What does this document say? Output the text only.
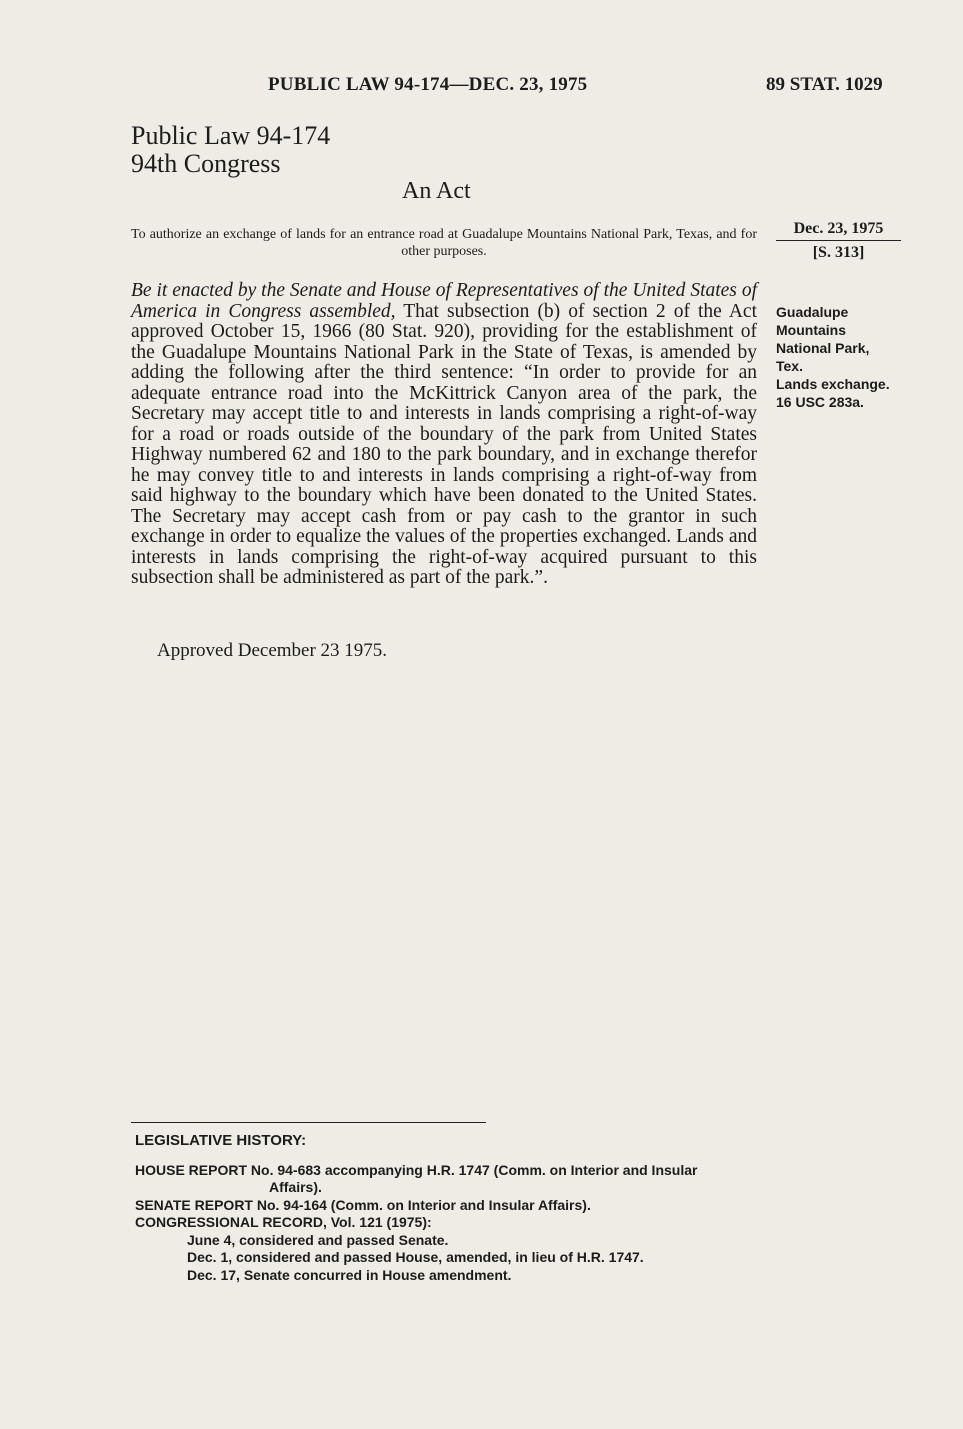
PUBLIC LAW 94-174—DEC. 23, 1975	89 STAT. 1029
Public Law 94-174
94th Congress
An Act

To authorize an exchange of lands for an entrance road at Guadalupe Mountains National Park, Texas, and for other purposes.

Dec. 23, 1975
[S. 313]

Be it enacted by the Senate and House of Representatives of the United States of America in Congress assembled, That subsection (b) of section 2 of the Act approved October 15, 1966 (80 Stat. 920), providing for the establishment of the Guadalupe Mountains National Park in the State of Texas, is amended by adding the following after the third sentence: “In order to provide for an adequate entrance road into the McKittrick Canyon area of the park, the Secretary may accept title to and interests in lands comprising a right-of-way for a road or roads outside of the boundary of the park from United States Highway numbered 62 and 180 to the park boundary, and in exchange therefor he may convey title to and interests in lands comprising a right-of-way from said highway to the boundary which have been donated to the United States. The Secretary may accept cash from or pay cash to the grantor in such exchange in order to equalize the values of the properties exchanged. Lands and interests in lands comprising the right-of-way acquired pursuant to this subsection shall be administered as part of the park.”.

Guadalupe
Mountains
National Park,
Tex.
Lands exchange.
16 USC 283a.

Approved December 23 1975.

LEGISLATIVE HISTORY:
HOUSE REPORT No. 94-683 accompanying H.R. 1747 (Comm. on Interior and Insular
Affairs).
SENATE REPORT No. 94-164 (Comm. on Interior and Insular Affairs).
CONGRESSIONAL RECORD, Vol. 121 (1975):
June 4, considered and passed Senate.
Dec. 1, considered and passed House, amended, in lieu of H.R. 1747.
Dec. 17, Senate concurred in House amendment.
